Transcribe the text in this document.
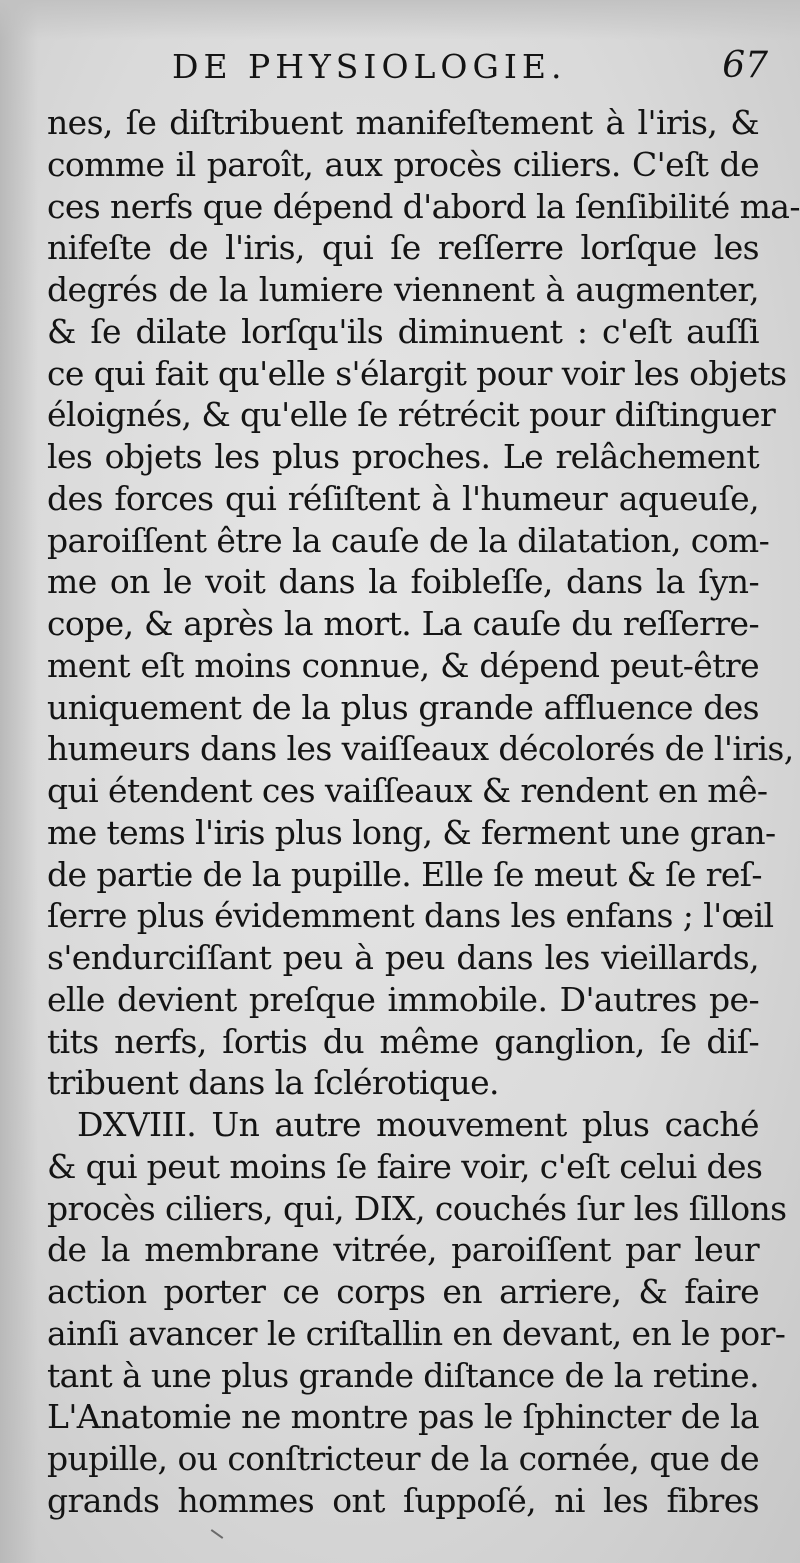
DE PHYSIOLOGIE.	67
nes, ſe diſtribuent manifeſtement à l'iris, &
comme il paroît, aux procès ciliers. C'eſt de
ces nerfs que dépend d'abord la ſenſibilité ma-
nifeſte de l'iris, qui ſe reſſerre lorſque les
degrés de la lumiere viennent à augmenter,
& ſe dilate lorſqu'ils diminuent : c'eſt auſſi
ce qui fait qu'elle s'élargit pour voir les objets
éloignés, & qu'elle ſe rétrécit pour diſtinguer
les objets les plus proches. Le relâchement
des forces qui réſiſtent à l'humeur aqueuſe,
paroiſſent être la cauſe de la dilatation, com-
me on le voit dans la foibleſſe, dans la ſyn-
cope, & après la mort. La cauſe du reſſerre-
ment eſt moins connue, & dépend peut-être
uniquement de la plus grande affluence des
humeurs dans les vaiſſeaux décolorés de l'iris,
qui étendent ces vaiſſeaux & rendent en mê-
me tems l'iris plus long, & ferment une gran-
de partie de la pupille. Elle ſe meut & ſe reſ-
ſerre plus évidemment dans les enfans ; l'œil
s'endurciſſant peu à peu dans les vieillards,
elle devient preſque immobile. D'autres pe-
tits nerfs, ſortis du même ganglion, ſe diſ-
tribuent dans la ſclérotique.
DXVIII. Un autre mouvement plus caché
& qui peut moins ſe faire voir, c'eſt celui des
procès ciliers, qui, DIX, couchés ſur les ſillons
de la membrane vitrée, paroiſſent par leur
action porter ce corps en arriere, & faire
ainſi avancer le criſtallin en devant, en le por-
tant à une plus grande diſtance de la retine.
L'Anatomie ne montre pas le ſphincter de la
pupille, ou conſtricteur de la cornée, que de
grands hommes ont ſuppoſé, ni les fibres
